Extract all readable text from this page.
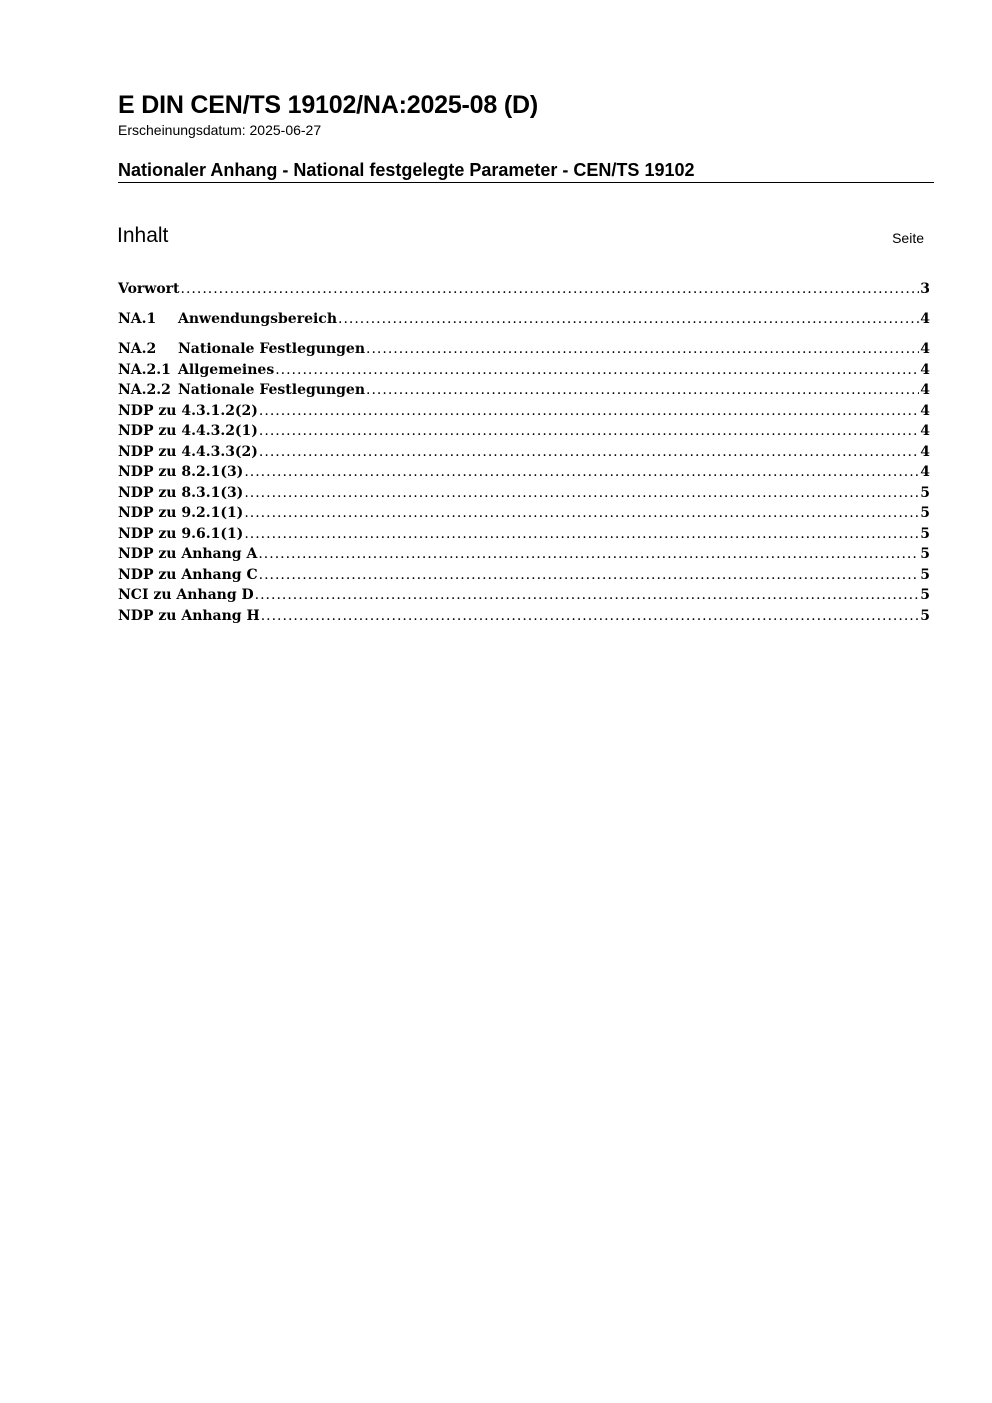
E DIN CEN/TS 19102/NA:2025-08 (D)
Erscheinungsdatum: 2025-06-27
Nationaler Anhang - National festgelegte Parameter - CEN/TS 19102
Inhalt	Seite
Vorwort .....	3
NA.1	Anwendungsbereich .....	4
NA.2	Nationale Festlegungen .....	4
NA.2.1 Allgemeines .....	4
NA.2.2 Nationale Festlegungen .....	4
NDP zu 4.3.1.2(2) .....	4
NDP zu 4.4.3.2(1) .....	4
NDP zu 4.4.3.3(2) .....	4
NDP zu 8.2.1(3) .....	4
NDP zu 8.3.1(3) .....	5
NDP zu 9.2.1(1) .....	5
NDP zu 9.6.1(1) .....	5
NDP zu Anhang A .....	5
NDP zu Anhang C .....	5
NCI zu Anhang D .....	5
NDP zu Anhang H .....	5
